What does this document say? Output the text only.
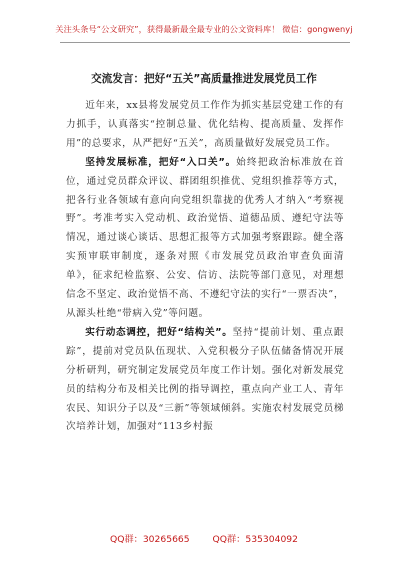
关注头条号“公文研究”，获得最新最全最专业的公文资料库！ 微信：gongwenyj
交流发言：把好“五关”高质量推进发展党员工作

近年来，xx县将发展党员工作作为抓实基层党建工作的有力抓手，认真落实“控制总量、优化结构、提高质量、发挥作用”的总要求，从严把好“五关”，高质量做好发展党员工作。

坚持发展标准，把好“入口关”。始终把政治标准放在首位，通过党员群众评议、群团组织推优、党组织推荐等方式，把各行业各领域有意向向党组织靠拢的优秀人才纳入“考察视野”。考准考实入党动机、政治觉悟、道德品质、遵纪守法等情况，通过谈心谈话、思想汇报等方式加强考察跟踪。健全落实预审联审制度，逐条对照《市发展党员政治审查负面清单》，征求纪检监察、公安、信访、法院等部门意见，对理想信念不坚定、政治觉悟不高、不遵纪守法的实行“一票否决”，从源头杜绝“带病入党”等问题。

实行动态调控，把好“结构关”。坚持“提前计划、重点跟踪”，提前对党员队伍现状、入党积极分子队伍储备情况开展分析研判，研究制定发展党员年度工作计划。强化对新发展党员的结构分布及相关比例的指导调控，重点向产业工人、青年农民、知识分子以及“三新”等领域倾斜。实施农村发展党员梯次培养计划，加强对“113乡村振

QQ群：30265665 QQ群：535304092
